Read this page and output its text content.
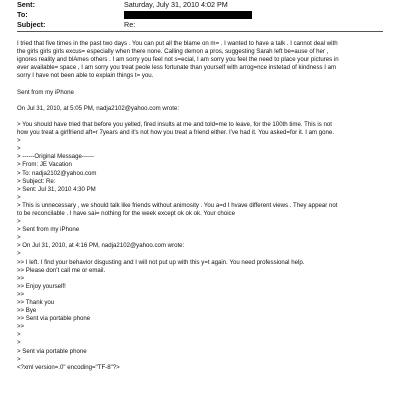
Sent:	Saturday, July 31, 2010 4:02 PM
To:
Subject:	Re:
I tried that five times in the past two days . You can put all the blame on m= . I wanted to have a talk . I cannot deal with
the girls girls girls excus= especially when there none. Calling demon a pros, suggesting Sarah left be=ause of her ,
ignores reality and blAmes others . I am sorry you feel not s=ecial, I am sorry you feel the need to place your pictures in
ever available= space , I am sorry you treat peole less fortunate than yourself with arrog=nce instetad of kindness I am
sorry I have not been able to explain things t= you.
Sent from my iPhone
On Jul 31, 2010, at 5:05 PM, nadja2102@yahoo.com wrote:
> You should have tried that before you yelled, fired insults at me and told=me to leave, for the 100th time. This is not
how you treat a girlfriend aft=r 7years and it's not how you treat a friend either. I've had it. You asked=for it. I am gone.
>
>
> ------Original Message------
> From: JE Vacation
> To: nadja2102@yahoo.com
> Subject: Re:
> Sent: Jul 31, 2010 4:30 PM
>
> This is unnecessary , we should talk like friends without animosity . You a=d I hvave different views . They appear not
to be reconcilable . I have sai= nothing for the week except ok ok ok. Your choice
>
> Sent from my iPhone
>
> On Jul 31, 2010, at 4:16 PM, nadja2102@yahoo.com wrote:
>
>> I left. I find your behavior disgusting and I will not put up with this y=t again. You need professional help.
>> Please don't call me or email.
>>
>> Enjoy yourself!
>>
>> Thank you
>> Bye
>> Sent via portable phone
>>
>
>
> Sent via portable phone
>
<?xml version=.0" encoding="TF-8"?>
